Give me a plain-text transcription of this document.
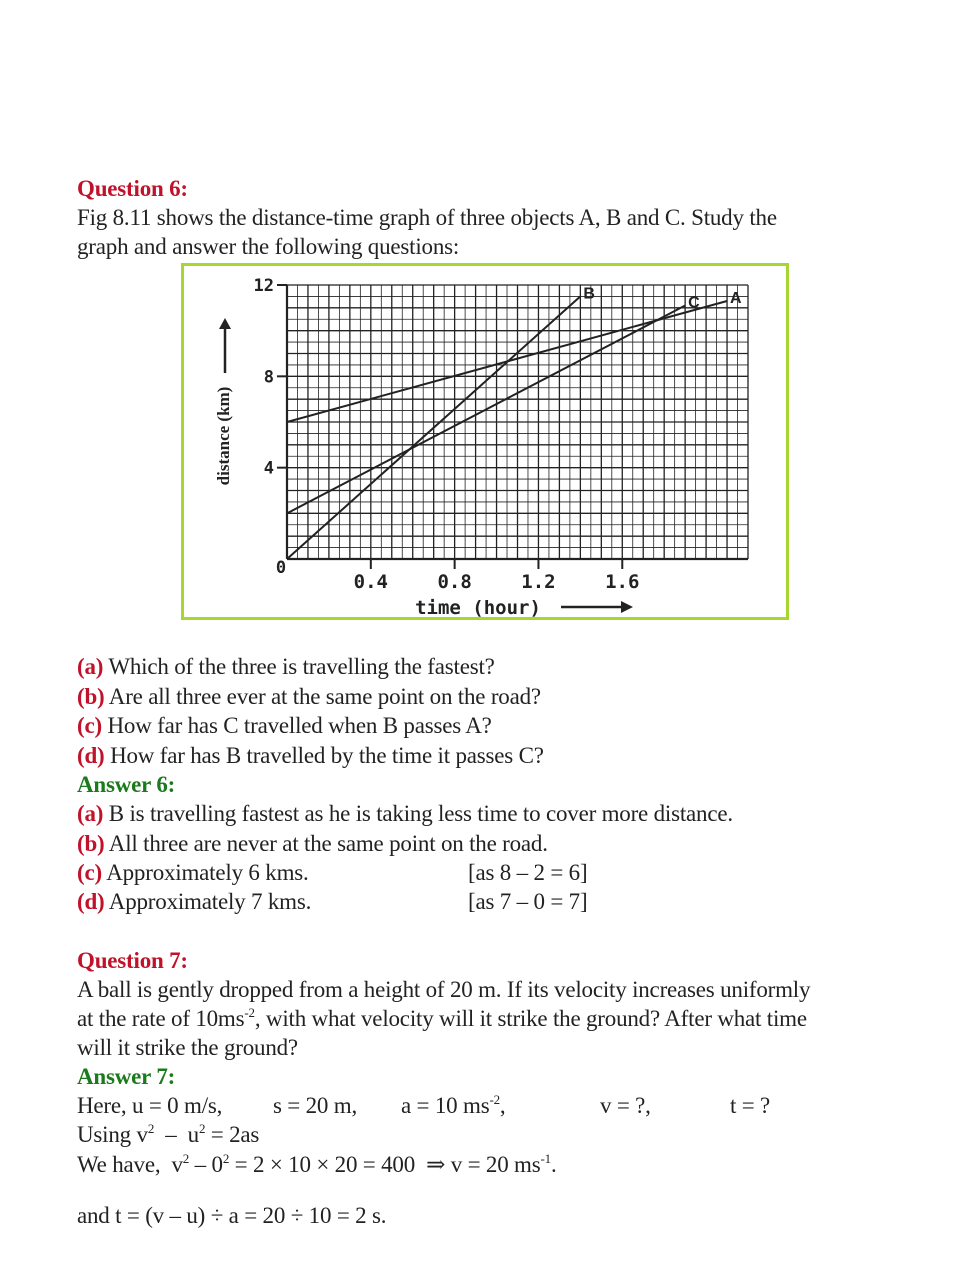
Question 6:
Fig 8.11 shows the distance-time graph of three objects A, B and C. Study the
graph and answer the following questions:
A
B
C
4
8
12
0.4	0.8	1.2	1.6
0
distance (km)
time (hour)
(a) Which of the three is travelling the fastest?
(b) Are all three ever at the same point on the road?
(c) How far has C travelled when B passes A?
(d) How far has B travelled by the time it passes C?
Answer 6:
(a) B is travelling fastest as he is taking less time to cover more distance.
(b) All three are never at the same point on the road.
(c) Approximately 6 kms.	[as 8 – 2 = 6]
(d) Approximately 7 kms.	[as 7 – 0 = 7]
Question 7:
A ball is gently dropped from a height of 20 m. If its velocity increases uniformly
at the rate of $10ms^{-2}$, with what velocity will it strike the ground? After what time
will it strike the ground?
Answer 7:
Here, u = 0 m/s, s = 20 m, a = 10 $ms^{-2}$,	v = ?,	t = ?
Using $v^2 - u^2 = 2as$
We have,  $v^2 - 0^2 = 2 \times 10 \times 20 = 400$  ⇒ v = 20 $ms^{-1}$.
and t = (v – u) ÷ a = 20 ÷ 10 = 2 s.
